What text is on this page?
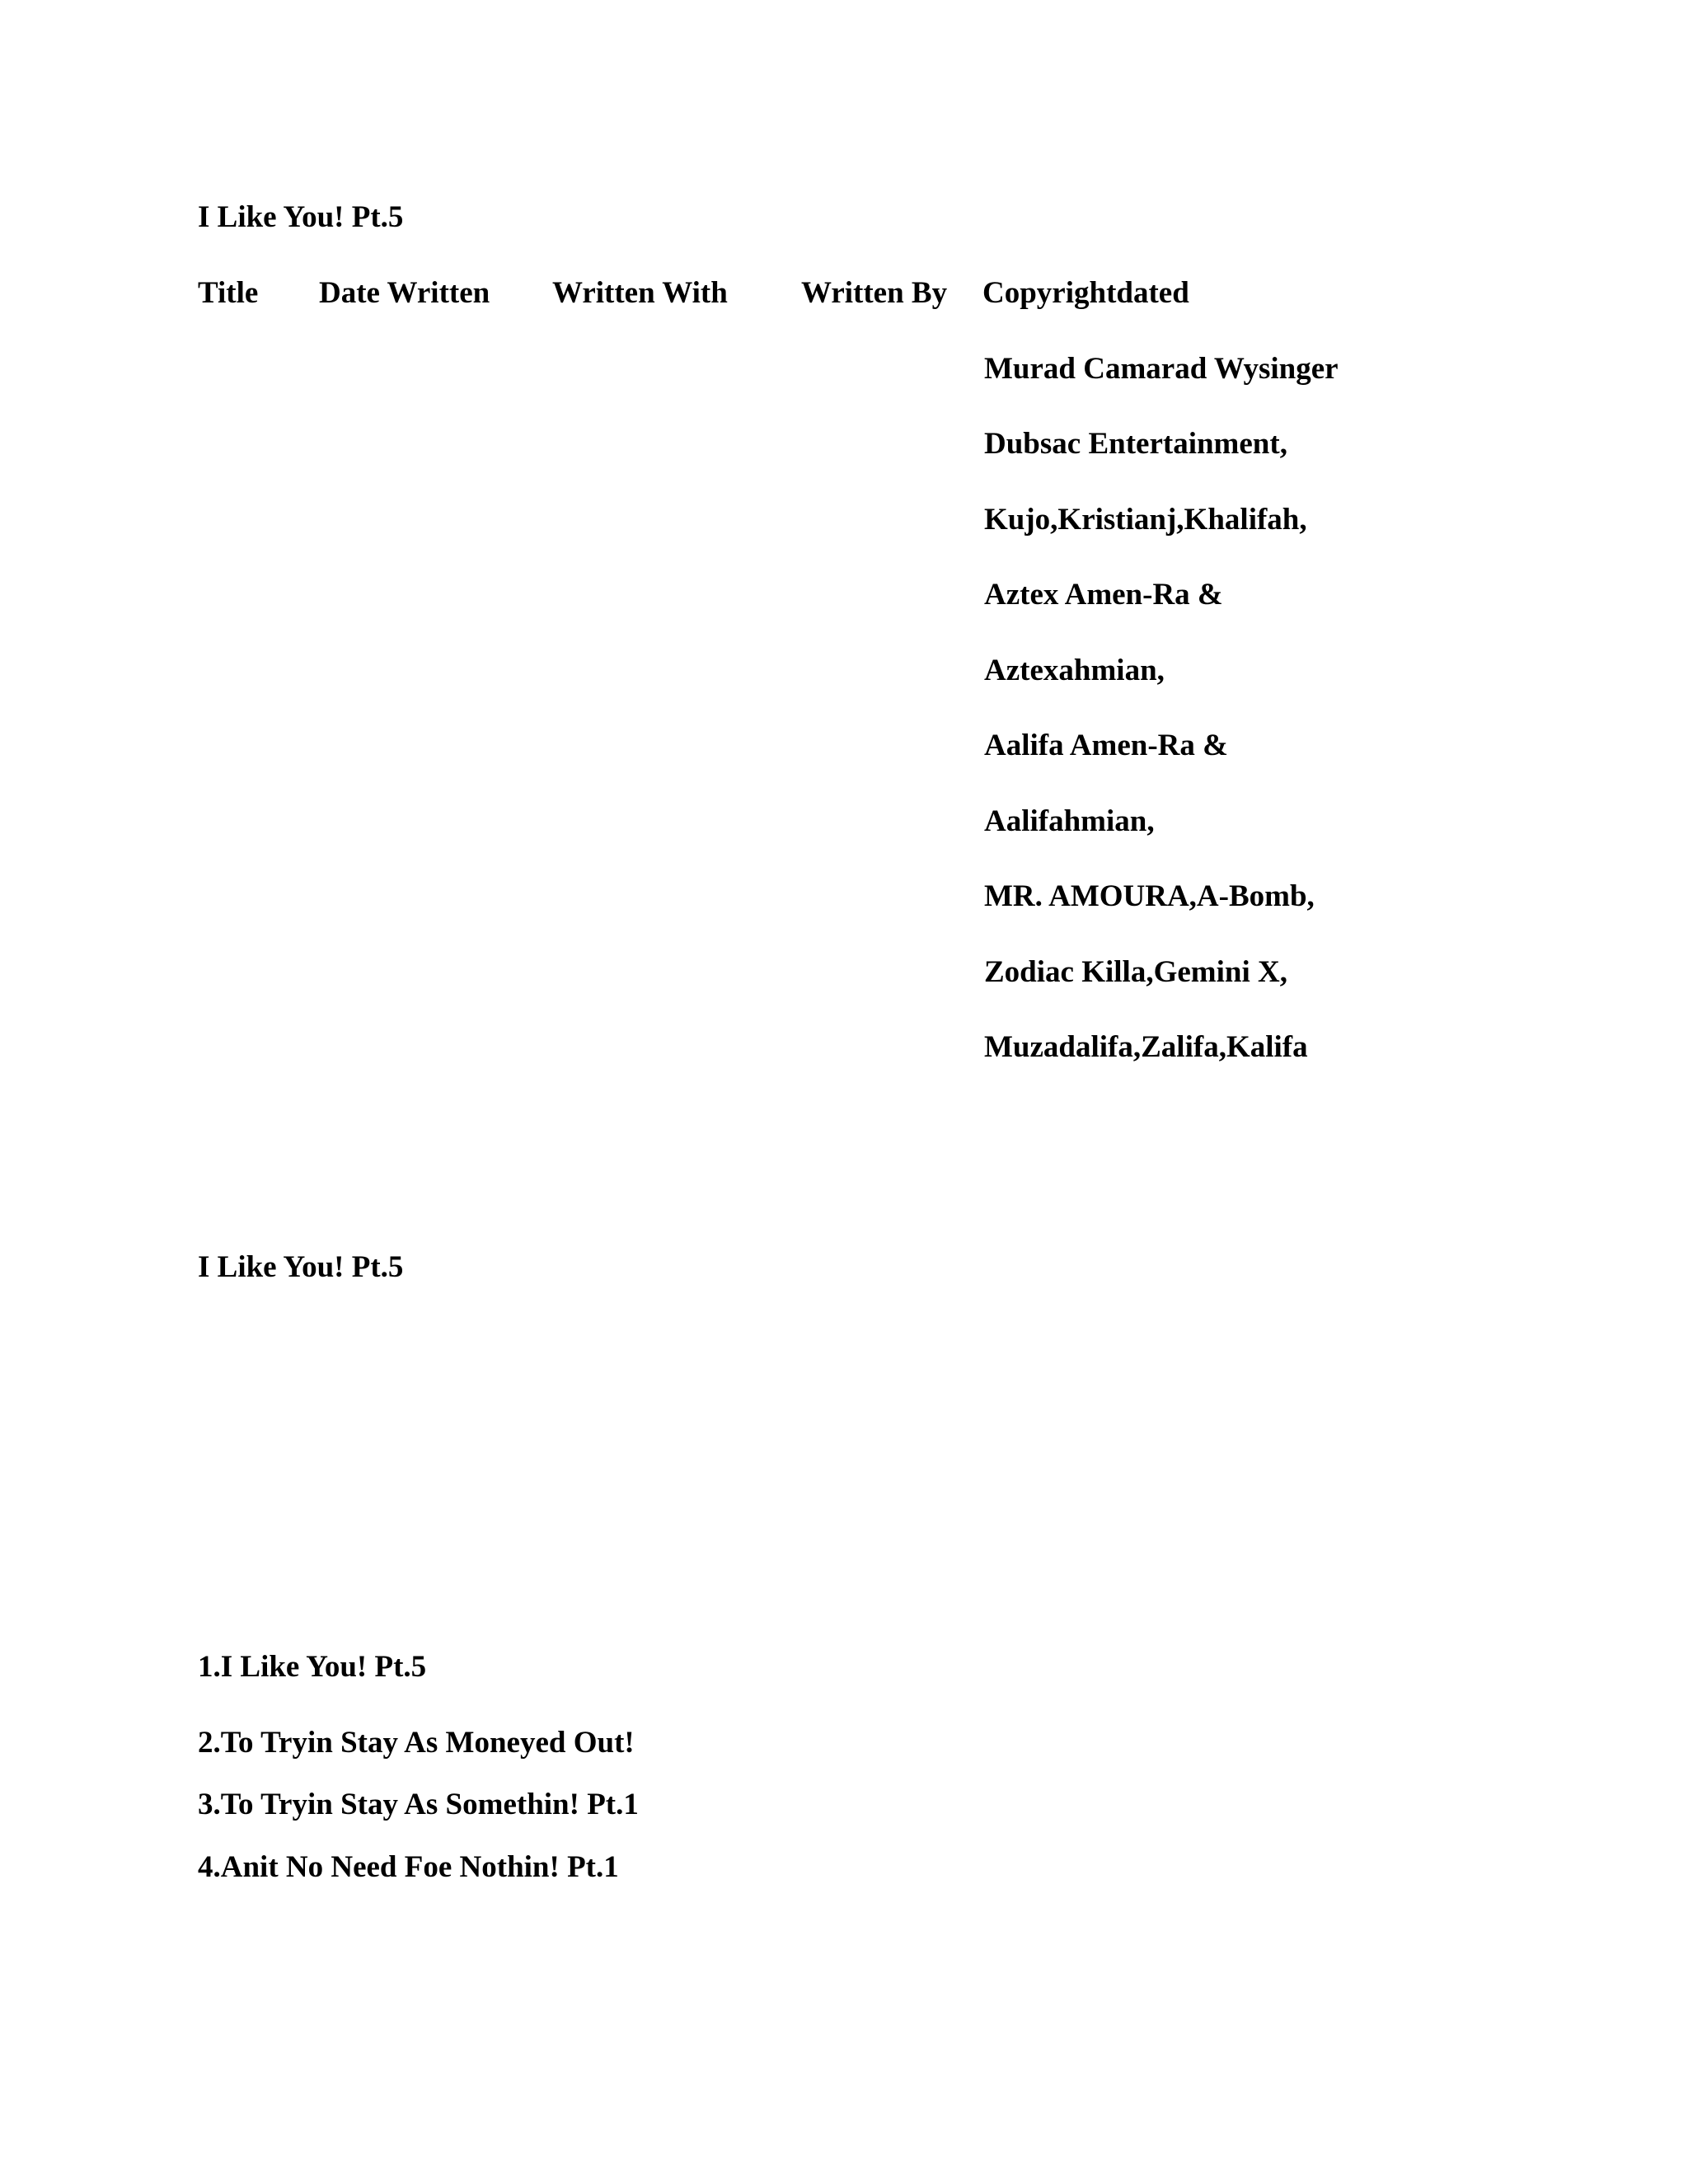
I Like You! Pt.5
Title Date Written Written With Written By Copyrightdated
Murad Camarad Wysinger
Dubsac Entertainment,
Kujo,Kristianj,Khalifah,
Aztex Amen-Ra &
Aztexahmian,
Aalifa Amen-Ra &
Aalifahmian,
MR. AMOURA,A-Bomb,
Zodiac Killa,Gemini X,
Muzadalifa,Zalifa,Kalifa
I Like You! Pt.5
1.I Like You! Pt.5
2.To Tryin Stay As Moneyed Out!
3.To Tryin Stay As Somethin! Pt.1
4.Anit No Need Foe Nothin! Pt.1
